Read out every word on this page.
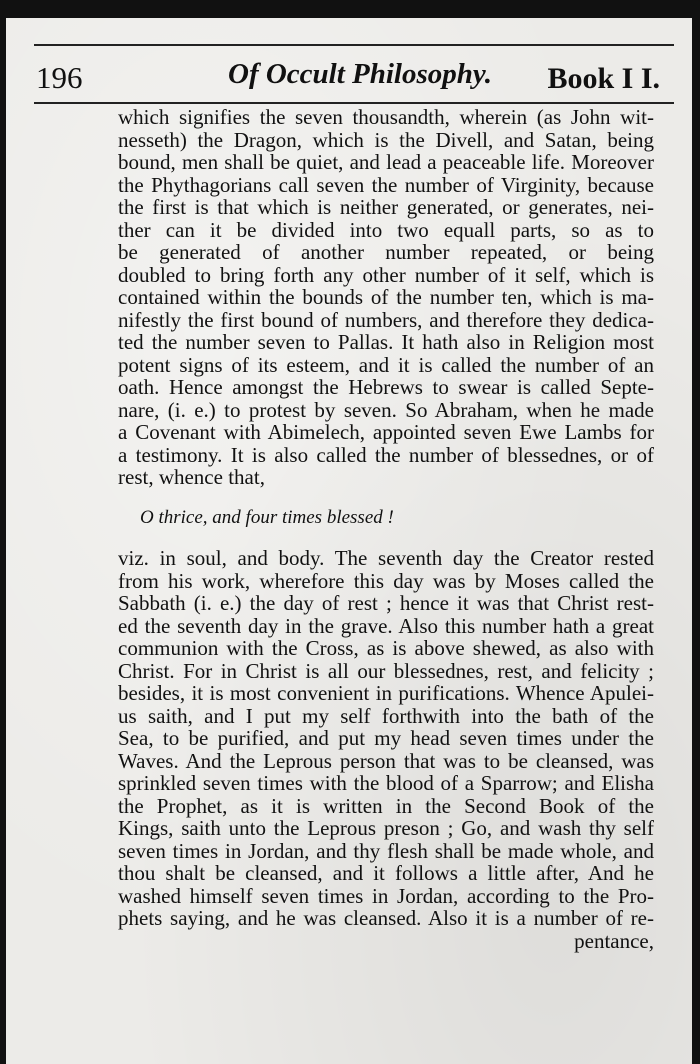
196	Of Occult Philosophy. Book I I.
which signifies the seven thousandth, wherein (as John wit-
nesseth) the Dragon, which is the Divell, and Satan, being
bound, men shall be quiet, and lead a peaceable life. Moreover
the Phythagorians call seven the number of Virginity, because
the first is that which is neither generated, or generates, nei-
ther can it be divided into two equall parts, so as to
be generated of another number repeated, or being
doubled to bring forth any other number of it self, which is
contained within the bounds of the number ten, which is ma-
nifestly the first bound of numbers, and therefore they dedica-
ted the number seven to Pallas. It hath also in Religion most
potent signs of its esteem, and it is called the number of an
oath. Hence amongst the Hebrews to swear is called Septe-
nare, (i. e.) to protest by seven. So Abraham, when he made
a Covenant with Abimelech, appointed seven Ewe Lambs for
a testimony. It is also called the number of blessednes, or of
rest, whence that,
O thrice, and four times blessed !
viz. in soul, and body. The seventh day the Creator rested
from his work, wherefore this day was by Moses called the
Sabbath (i. e.) the day of rest ; hence it was that Christ rest-
ed the seventh day in the grave. Also this number hath a great
communion with the Cross, as is above shewed, as also with
Christ. For in Christ is all our blessednes, rest, and felicity ;
besides, it is most convenient in purifications. Whence Apulei-
us saith, and I put my self forthwith into the bath of the
Sea, to be purified, and put my head seven times under the
Waves. And the Leprous person that was to be cleansed, was
sprinkled seven times with the blood of a Sparrow; and Elisha
the Prophet, as it is written in the Second Book of the
Kings, saith unto the Leprous preson ; Go, and wash thy self
seven times in Jordan, and thy flesh shall be made whole, and
thou shalt be cleansed, and it follows a little after, And he
washed himself seven times in Jordan, according to the Pro-
phets saying, and he was cleansed. Also it is a number of re-
pentance,
